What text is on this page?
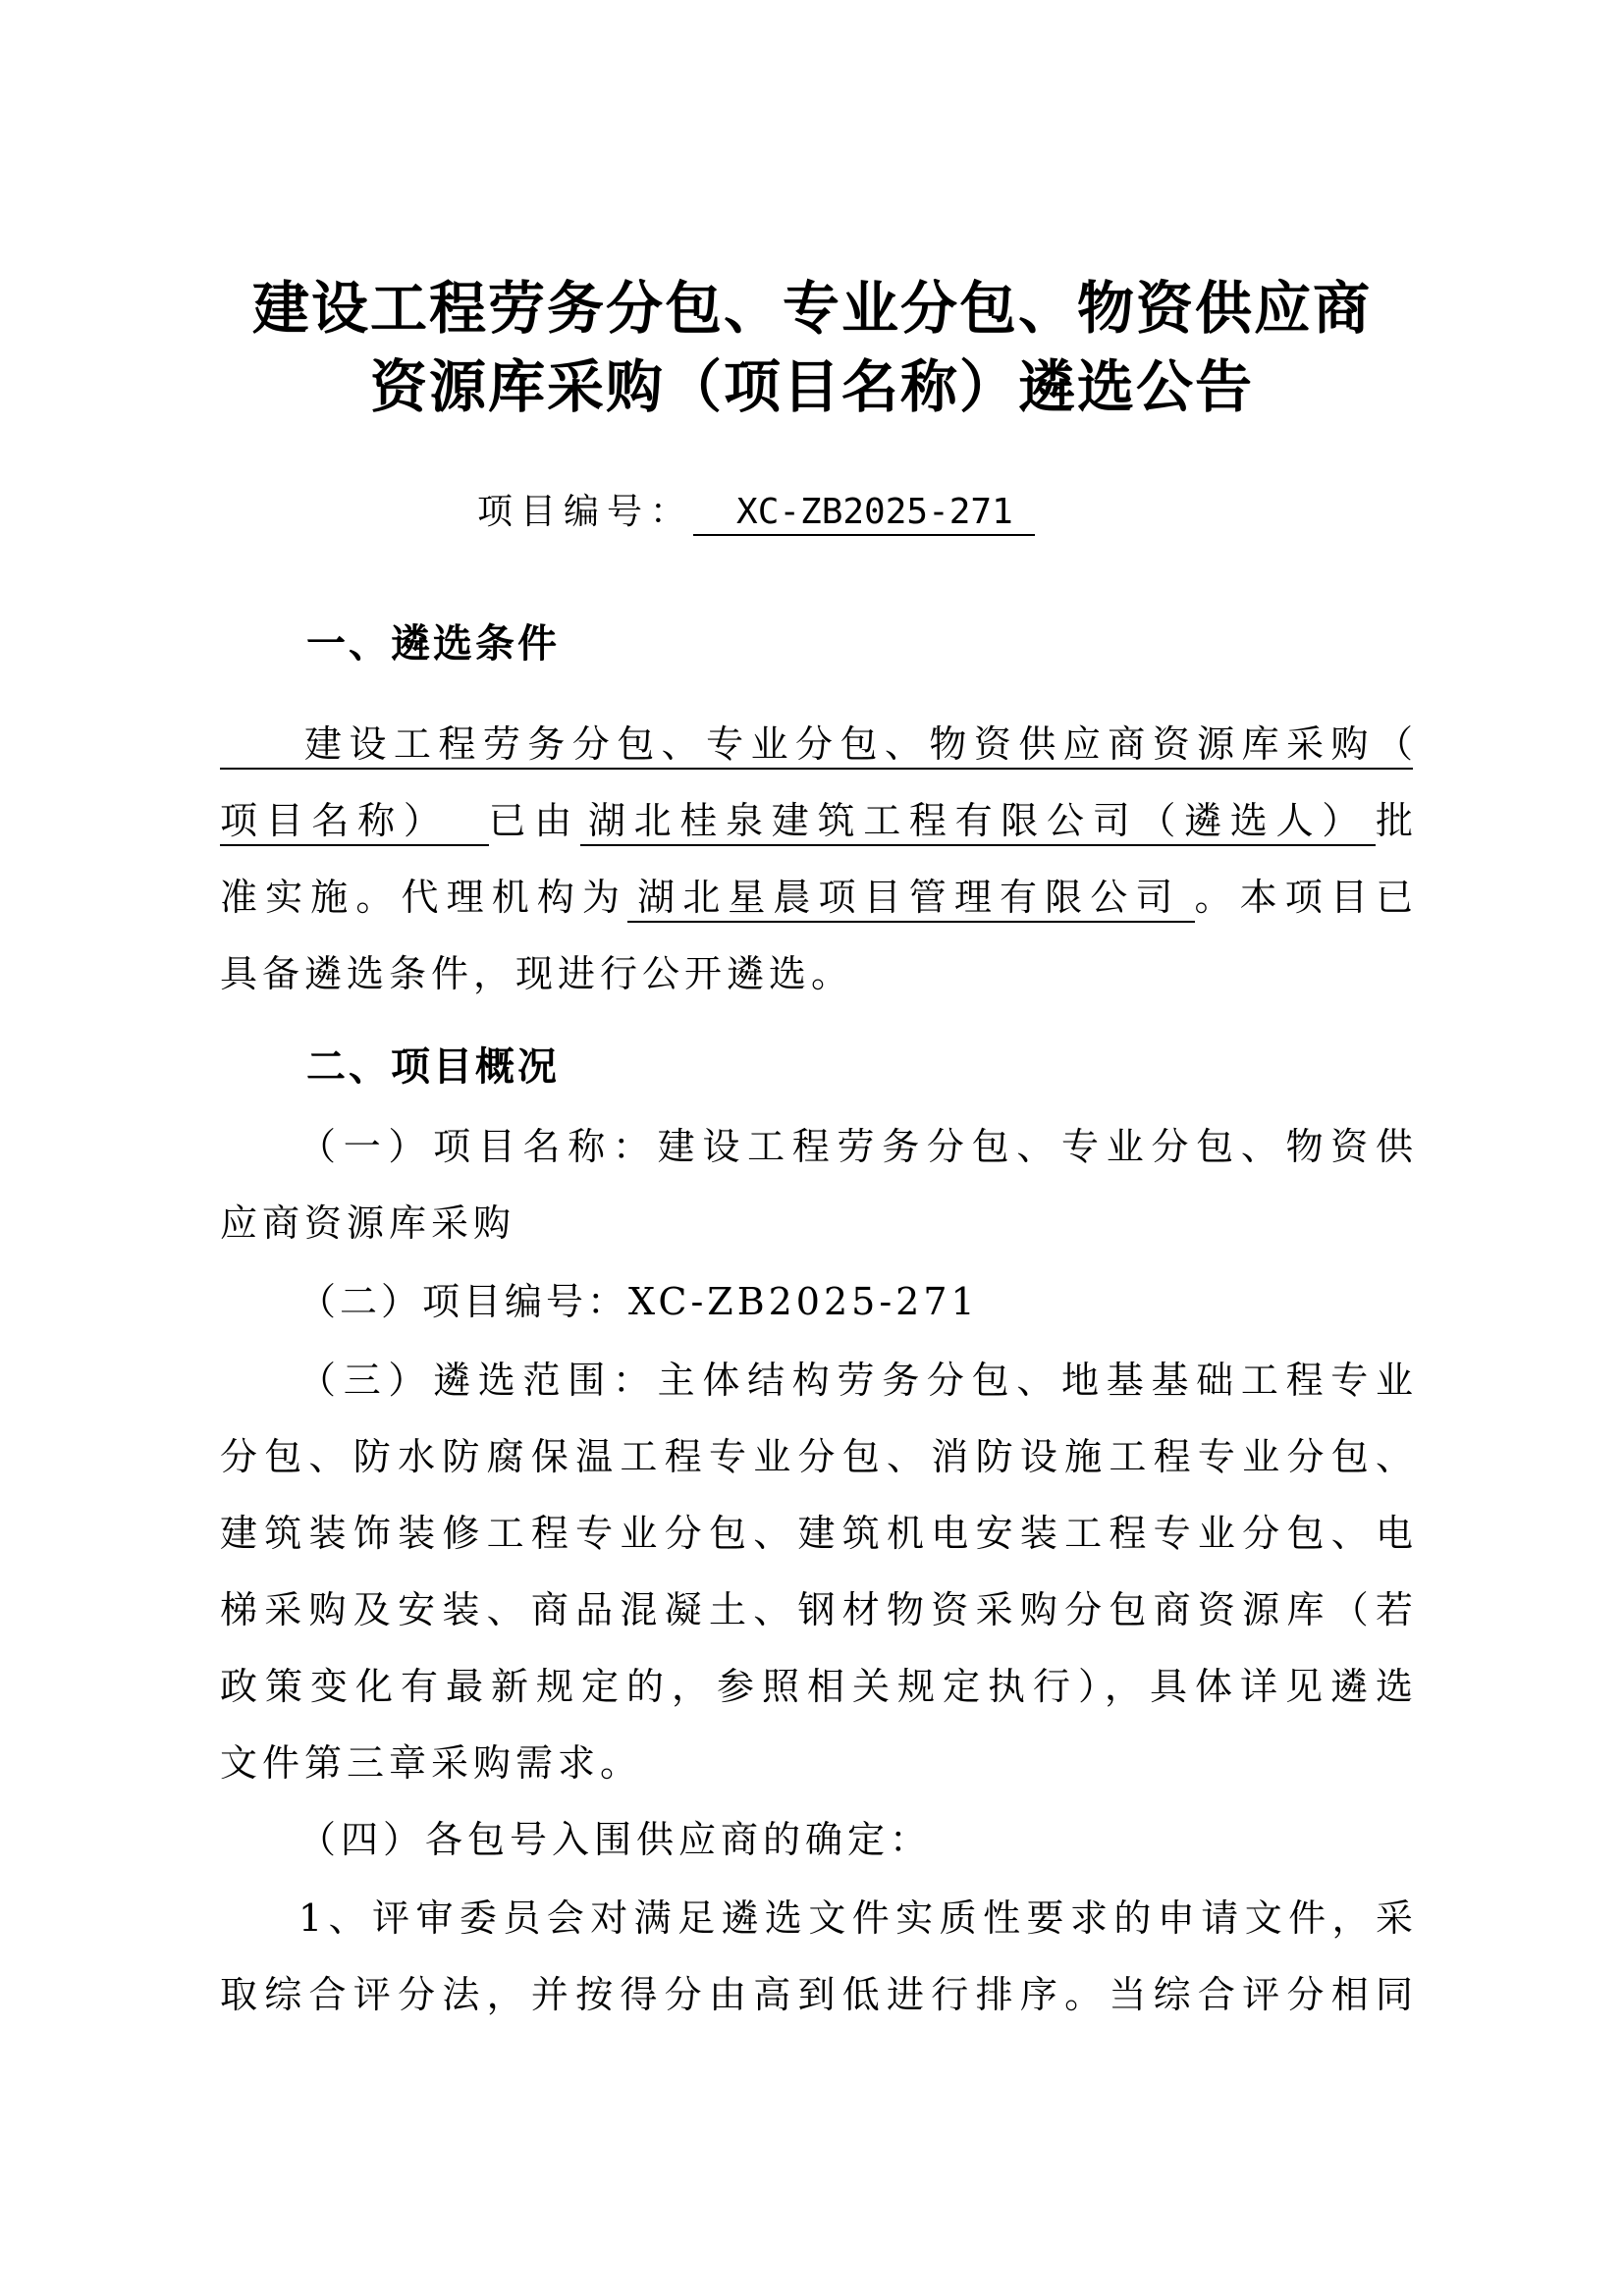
建设工程劳务分包、专业分包、物资供应商
资源库采购（项目名称）遴选公告
项目编号： XC-ZB2025-271
一、遴选条件
建设工程劳务分包、专业分包、物资供应商资源库采购（
项目名称） 已由 湖北桂泉建筑工程有限公司（遴选人） 批
准实施。代理机构为 湖北星晨项目管理有限公司 。本项目已
具备遴选条件，现进行公开遴选。
二、项目概况
（一）项目名称：建设工程劳务分包、专业分包、物资供
应商资源库采购
（二）项目编号：XC-ZB2025-271
（三）遴选范围：主体结构劳务分包、地基基础工程专业
分包、防水防腐保温工程专业分包、消防设施工程专业分包、
建筑装饰装修工程专业分包、建筑机电安装工程专业分包、电
梯采购及安装、商品混凝土、钢材物资采购分包商资源库（若
政策变化有最新规定的，参照相关规定执行），具体详见遴选
文件第三章采购需求。
（四）各包号入围供应商的确定：
1、评审委员会对满足遴选文件实质性要求的申请文件，采
取综合评分法，并按得分由高到低进行排序。当综合评分相同
